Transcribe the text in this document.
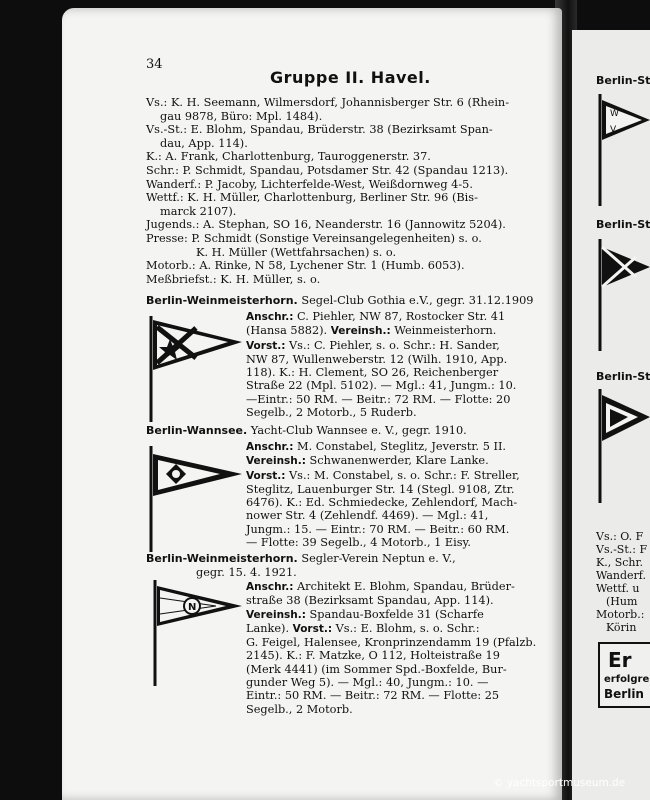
Berlin-St
W
V
Berlin-St
Berlin-St
Vs.: O. F
Vs.-St.: F
K., Schr.
Wanderf.
Wettf. u
(Hum
Motorb.:
Körin
Er
erfolgre
Berlin
34
Gruppe II. Havel.
Vs.: K. H. Seemann, Wilmersdorf, Johannisberger Str. 6 (Rhein-
gau 9878, Büro: Mpl. 1484).
Vs.-St.: E. Blohm, Spandau, Brüderstr. 38 (Bezirksamt Span-
dau, App. 114).
K.: A. Frank, Charlottenburg, Tauroggenerstr. 37.
Schr.: P. Schmidt, Spandau, Potsdamer Str. 42 (Spandau 1213).
Wanderf.: P. Jacoby, Lichterfelde-West, Weißdornweg 4-5.
Wettf.: K. H. Müller, Charlottenburg, Berliner Str. 96 (Bis-
marck 2107).
Jugends.: A. Stephan, SO 16, Neanderstr. 16 (Jannowitz 5204).
Presse: P. Schmidt (Sonstige Vereinsangelegenheiten) s. o.
K. H. Müller (Wettfahrsachen) s. o.
Motorb.: A. Rinke, N 58, Lychener Str. 1 (Humb. 6053).
Meßbriefst.: K. H. Müller, s. o.
Berlin-Weinmeisterhorn. Segel-Club Gothia e.V., gegr. 31.12.1909
Anschr.: C. Piehler, NW 87, Rostocker Str. 41
(Hansa 5882). Vereinsh.: Weinmeisterhorn.
Vorst.: Vs.: C. Piehler, s. o. Schr.: H. Sander,
NW 87, Wullenweberstr. 12 (Wilh. 1910, App.
118). K.: H. Clement, SO 26, Reichenberger
Straße 22 (Mpl. 5102). — Mgl.: 41, Jungm.: 10.
—Eintr.: 50 RM. — Beitr.: 72 RM. — Flotte: 20
Segelb., 2 Motorb., 5 Ruderb.
Berlin-Wannsee. Yacht-Club Wannsee e. V., gegr. 1910.
Anschr.: M. Constabel, Steglitz, Jeverstr. 5 II.
Vereinsh.: Schwanenwerder, Klare Lanke.
Vorst.: Vs.: M. Constabel, s. o. Schr.: F. Streller,
Steglitz, Lauenburger Str. 14 (Stegl. 9108, Ztr.
6476). K.: Ed. Schmiedecke, Zehlendorf, Mach-
nower Str. 4 (Zehlendf. 4469). — Mgl.: 41,
Jungm.: 15. — Eintr.: 70 RM. — Beitr.: 60 RM.
— Flotte: 39 Segelb., 4 Motorb., 1 Eisy.
Berlin-Weinmeisterhorn. Segler-Verein Neptun e. V.,
gegr. 15. 4. 1921.
N
Anschr.: Architekt E. Blohm, Spandau, Brüder-
straße 38 (Bezirksamt Spandau, App. 114).
Vereinsh.: Spandau-Boxfelde 31 (Scharfe
Lanke). Vorst.: Vs.: E. Blohm, s. o. Schr.:
G. Feigel, Halensee, Kronprinzendamm 19 (Pfalzb.
2145). K.: F. Matzke, O 112, Holteistraße 19
(Merk 4441) (im Sommer Spd.-Boxfelde, Bur-
gunder Weg 5). — Mgl.: 40, Jungm.: 10. —
Eintr.: 50 RM. — Beitr.: 72 RM. — Flotte: 25
Segelb., 2 Motorb.
© yachtsportmuseum.de
